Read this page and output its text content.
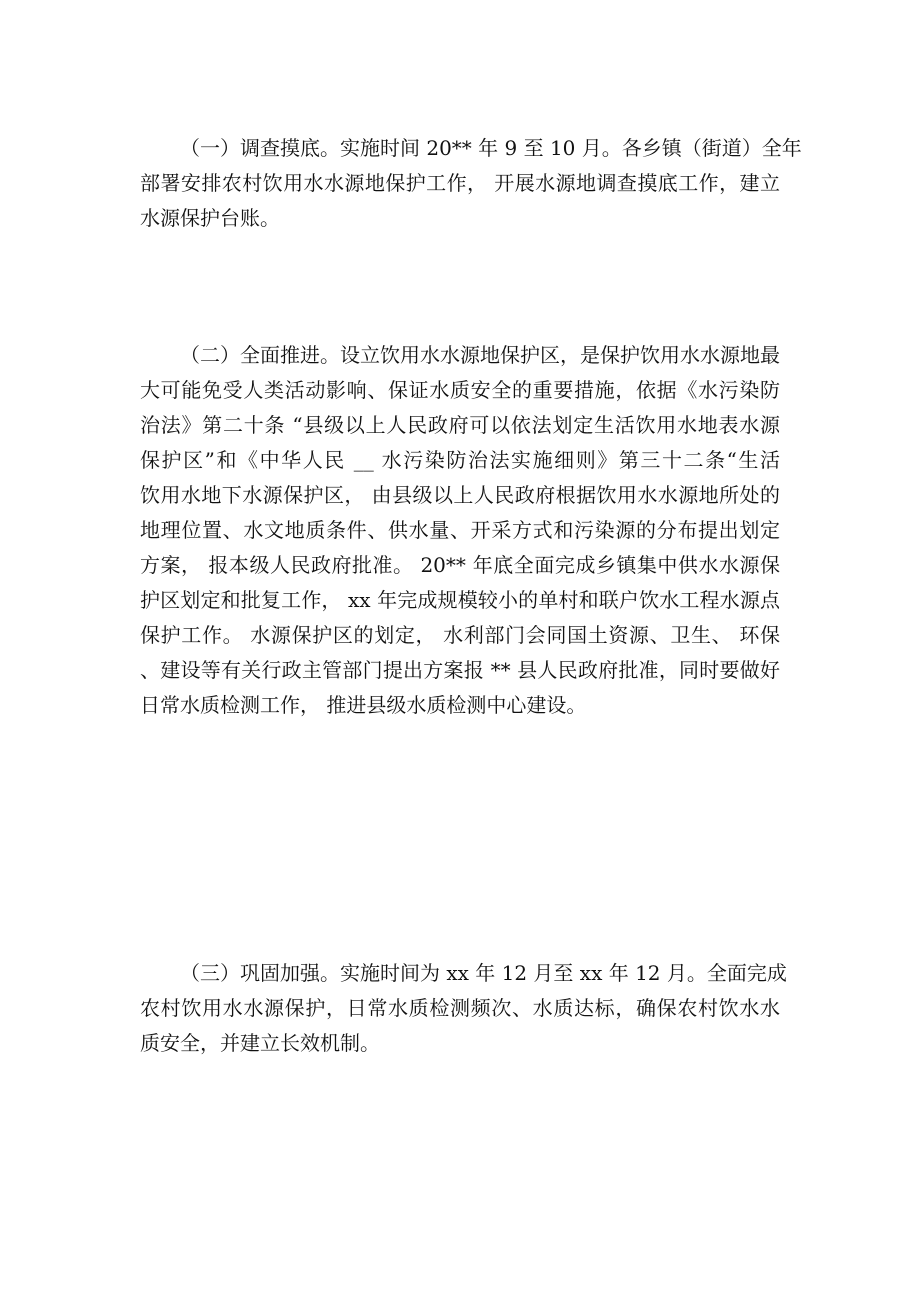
（一）调查摸底。实施时间 20** 年 9 至 10 月。各乡镇（街道）全年
部署安排农村饮用水水源地保护工作， 开展水源地调查摸底工作，建立
水源保护台账。
（二）全面推进。设立饮用水水源地保护区，是保护饮用水水源地最
大可能免受人类活动影响、保证水质安全的重要措施，依据《水污染防
治法》第二十条 “县级以上人民政府可以依法划定生活饮用水地表水源
保护区”和《中华人民 __ 水污染防治法实施细则》第三十二条“生活
饮用水地下水源保护区， 由县级以上人民政府根据饮用水水源地所处的
地理位置、水文地质条件、供水量、开采方式和污染源的分布提出划定
方案， 报本级人民政府批准。 20** 年底全面完成乡镇集中供水水源保
护区划定和批复工作， xx 年完成规模较小的单村和联户饮水工程水源点
保护工作。 水源保护区的划定， 水利部门会同国土资源、卫生、 环保
、建设等有关行政主管部门提出方案报 ** 县人民政府批准，同时要做好
日常水质检测工作， 推进县级水质检测中心建设。
（三）巩固加强。实施时间为 xx 年 12 月至 xx 年 12 月。全面完成
农村饮用水水源保护，日常水质检测频次、水质达标，确保农村饮水水
质安全，并建立长效机制。
